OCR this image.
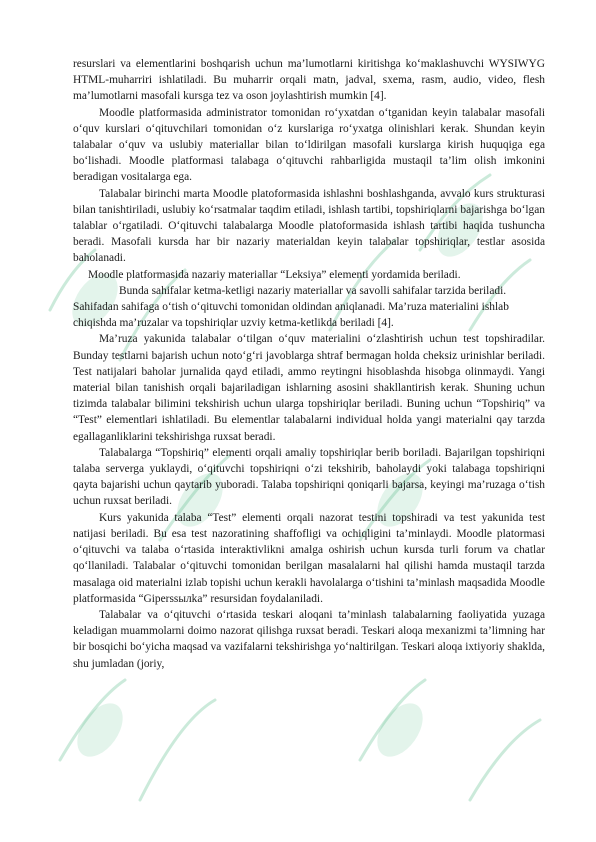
resurslari va elementlarini boshqarish uchun ma’lumotlarni kiritishga ko‘maklashuvchi WYSIWYG HTML-muharriri ishlatiladi. Bu muharrir orqali matn, jadval, sxema, rasm, audio, video, flesh ma’lumotlarni masofali kursga tez va oson joylashtirish mumkin [4].

Moodle platformasida administrator tomonidan ro‘yxatdan o‘tganidan keyin talabalar masofali o‘quv kurslari o‘qituvchilari tomonidan o‘z kurslariga ro‘yxatga olinishlari kerak. Shundan keyin talabalar o‘quv va uslubiy materiallar bilan to‘ldirilgan masofali kurslarga kirish huquqiga ega bo‘lishadi. Moodle platformasi talabaga o‘qituvchi rahbarligida mustaqil ta’lim olish imkonini beradigan vositalarga ega.

Talabalar birinchi marta Moodle platoformasida ishlashni boshlashganda, avvalo kurs strukturasi bilan tanishtiriladi, uslubiy ko‘rsatmalar taqdim etiladi, ishlash tartibi, topshiriqlarni bajarishga bo‘lgan talablar o‘rgatiladi. O‘qituvchi talabalarga Moodle platoformasida ishlash tartibi haqida tushuncha beradi. Masofali kursda har bir nazariy materialdan keyin talabalar topshiriqlar, testlar asosida baholanadi.

Moodle platformasida nazariy materiallar “Leksiya” elementi yordamida beriladi.

Bunda sahifalar ketma-ketligi nazariy materiallar va savolli sahifalar tarzida beriladi. Sahifadan sahifaga o‘tish o‘qituvchi tomonidan oldindan aniqlanadi. Ma’ruza materialini ishlab chiqishda ma’ruzalar va topshiriqlar uzviy ketma-ketlikda beriladi [4].

Ma’ruza yakunida talabalar o‘tilgan o‘quv materialini o‘zlashtirish uchun test topshiradilar. Bunday testlarni bajarish uchun noto‘g‘ri javoblarga shtraf bermagan holda cheksiz urinishlar beriladi. Test natijalari baholar jurnalida qayd etiladi, ammo reytingni hisoblashda hisobga olinmaydi. Yangi material bilan tanishish orqali bajariladigan ishlarning asosini shakllantirish kerak. Shuning uchun tizimda talabalar bilimini tekshirish uchun ularga topshiriqlar beriladi. Buning uchun “Topshiriq” va “Test” elementlari ishlatiladi. Bu elementlar talabalarni individual holda yangi materialni qay tarzda egallaganliklarini tekshirishga ruxsat beradi.

Talabalarga “Topshiriq” elementi orqali amaliy topshiriqlar berib boriladi. Bajarilgan topshiriqni talaba serverga yuklaydi, o‘qituvchi topshiriqni o‘zi tekshirib, baholaydi yoki talabaga topshiriqni qayta bajarishi uchun qaytarib yuboradi. Talaba topshiriqni qoniqarli bajarsa, keyingi ma’ruzaga o‘tish uchun ruxsat beriladi.

Kurs yakunida talaba “Test” elementi orqali nazorat testini topshiradi va test yakunida test natijasi beriladi. Bu esa test nazoratining shaffofligi va ochiqligini ta’minlaydi. Moodle platormasi o‘qituvchi va talaba o‘rtasida interaktivlikni amalga oshirish uchun kursda turli forum va chatlar qo‘llaniladi. Talabalar o‘qituvchi tomonidan berilgan masalalarni hal qilishi hamda mustaqil tarzda masalaga oid materialni izlab topishi uchun kerakli havolalarga o‘tishini ta’minlash maqsadida Moodle platformasida “Giperssылka” resursidan foydalaniladi.

Talabalar va o‘qituvchi o‘rtasida teskari aloqani ta’minlash talabalarning faoliyatida yuzaga keladigan muammolarni doimo nazorat qilishga ruxsat beradi. Teskari aloqa mexanizmi ta’limning har bir bosqichi bo‘yicha maqsad va vazifalarni tekshirishga yo‘naltirilgan. Teskari aloqa ixtiyoriy shaklda, shu jumladan (joriy,
